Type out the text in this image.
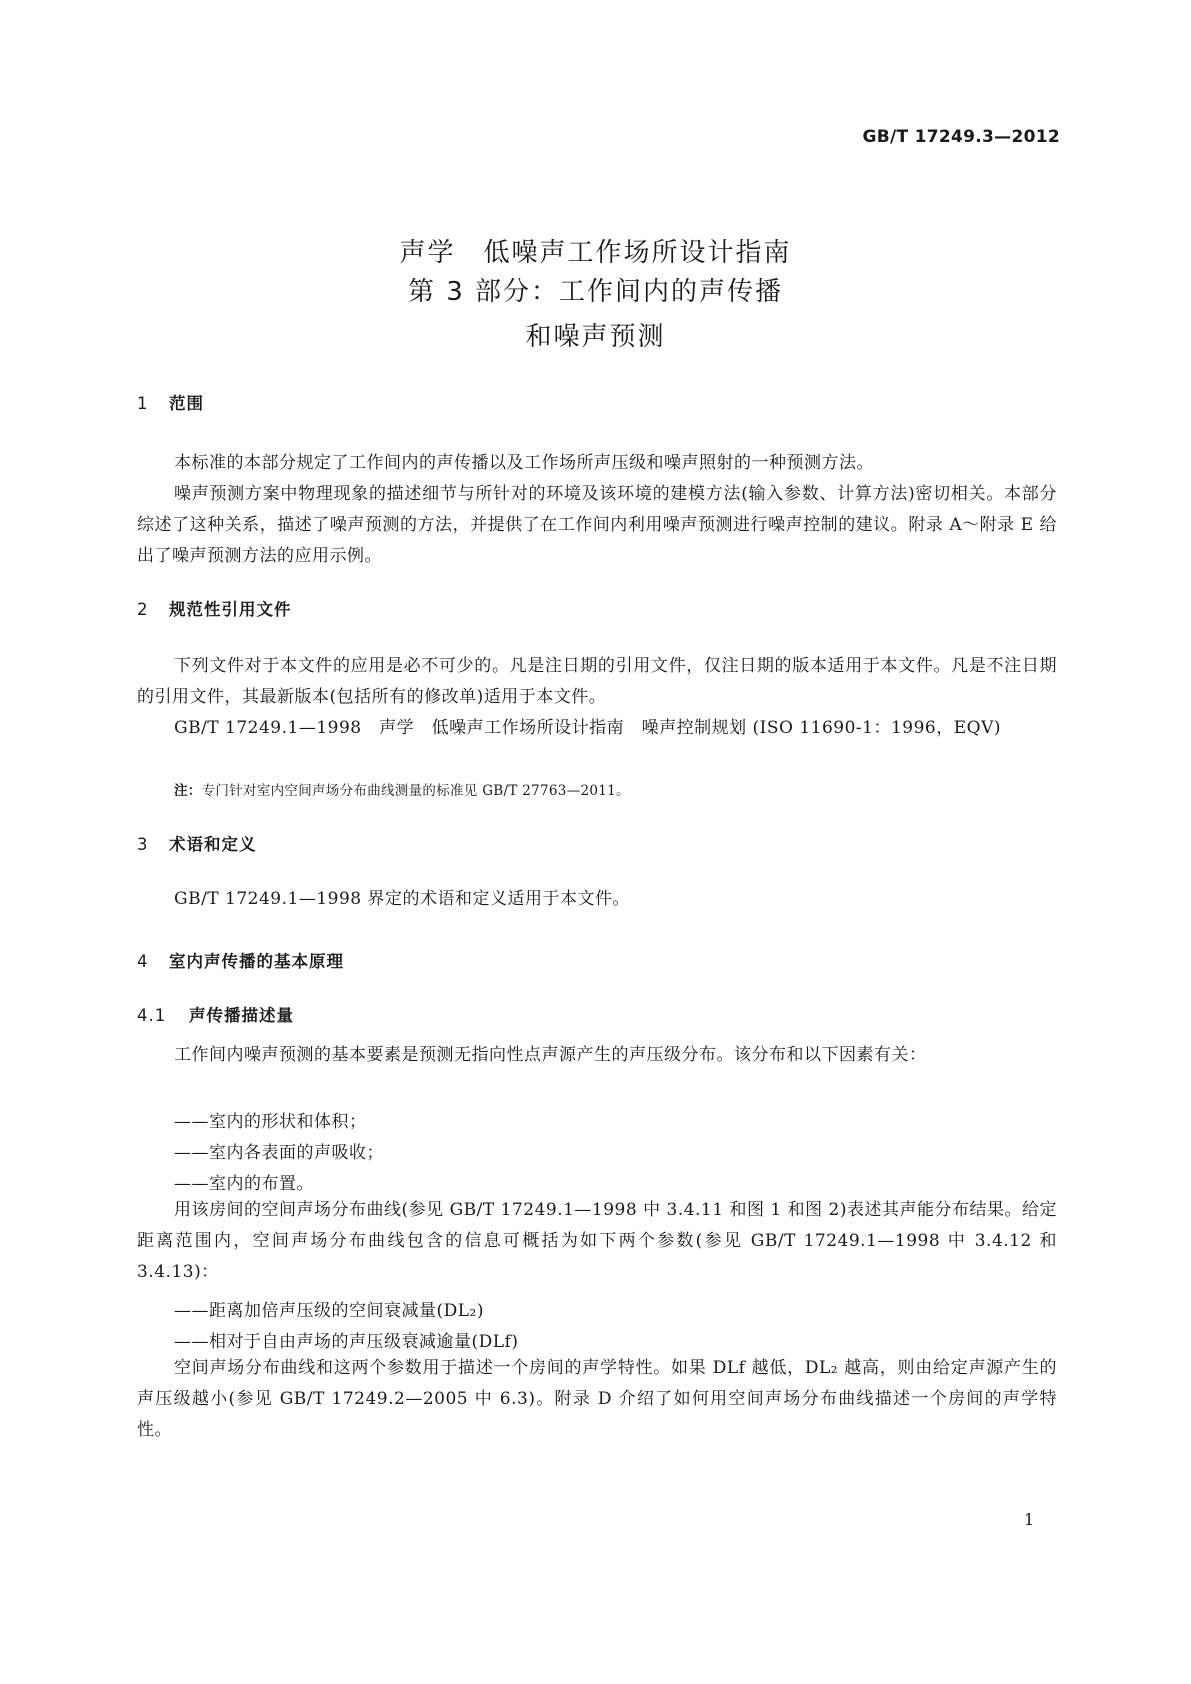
GB/T 17249.3—2012
声学　低噪声工作场所设计指南
第 3 部分：工作间内的声传播
和噪声预测
1 范围
本标准的本部分规定了工作间内的声传播以及工作场所声压级和噪声照射的一种预测方法。
噪声预测方案中物理现象的描述细节与所针对的环境及该环境的建模方法(输入参数、计算方法)密切相关。本部分综述了这种关系，描述了噪声预测的方法，并提供了在工作间内利用噪声预测进行噪声控制的建议。附录 A～附录 E 给出了噪声预测方法的应用示例。
2 规范性引用文件
下列文件对于本文件的应用是必不可少的。凡是注日期的引用文件，仅注日期的版本适用于本文件。凡是不注日期的引用文件，其最新版本(包括所有的修改单)适用于本文件。
GB/T 17249.1—1998　声学　低噪声工作场所设计指南　噪声控制规划 (ISO 11690-1：1996，EQV)
注：专门针对室内空间声场分布曲线测量的标准见 GB/T 27763—2011。
3 术语和定义
GB/T 17249.1—1998 界定的术语和定义适用于本文件。
4 室内声传播的基本原理
4.1 声传播描述量
工作间内噪声预测的基本要素是预测无指向性点声源产生的声压级分布。该分布和以下因素有关：
——室内的形状和体积；
——室内各表面的声吸收；
——室内的布置。
用该房间的空间声场分布曲线(参见 GB/T 17249.1—1998 中 3.4.11 和图 1 和图 2)表述其声能分布结果。给定距离范围内，空间声场分布曲线包含的信息可概括为如下两个参数(参见 GB/T 17249.1—1998 中 3.4.12 和 3.4.13)：
——距离加倍声压级的空间衰减量(DL₂)
——相对于自由声场的声压级衰减逾量(DLf)
空间声场分布曲线和这两个参数用于描述一个房间的声学特性。如果 DLf 越低，DL₂ 越高，则由给定声源产生的声压级越小(参见 GB/T 17249.2—2005 中 6.3)。附录 D 介绍了如何用空间声场分布曲线描述一个房间的声学特性。
1
